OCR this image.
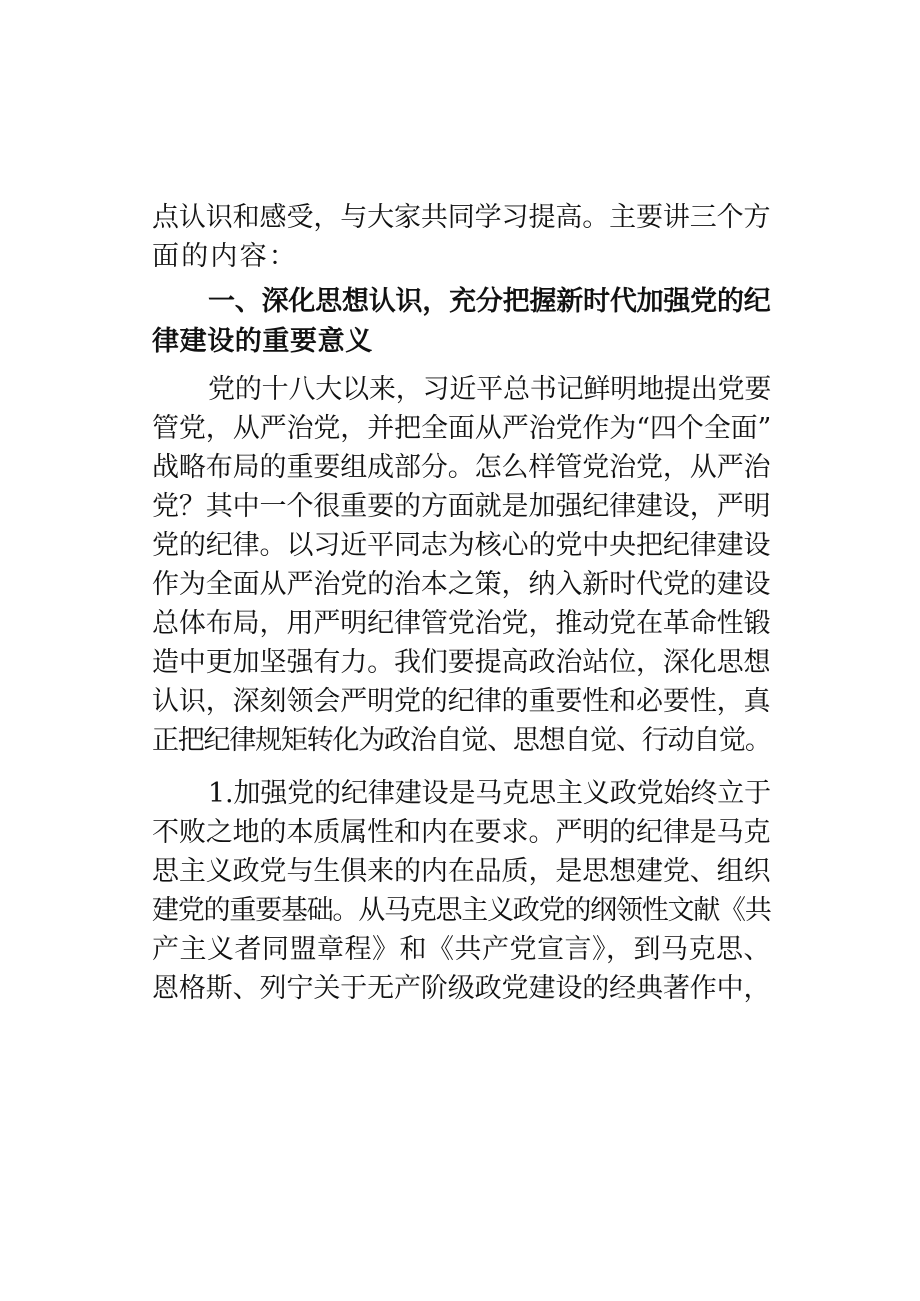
点认识和感受，与大家共同学习提高。主要讲三个方
面的内容：
一、深化思想认识，充分把握新时代加强党的纪
律建设的重要意义
党的十八大以来，习近平总书记鲜明地提出党要
管党，从严治党，并把全面从严治党作为“四个全面”
战略布局的重要组成部分。怎么样管党治党，从严治
党？其中一个很重要的方面就是加强纪律建设，严明
党的纪律。以习近平同志为核心的党中央把纪律建设
作为全面从严治党的治本之策，纳入新时代党的建设
总体布局，用严明纪律管党治党，推动党在革命性锻
造中更加坚强有力。我们要提高政治站位，深化思想
认识，深刻领会严明党的纪律的重要性和必要性，真
正把纪律规矩转化为政治自觉、思想自觉、行动自觉。
1.加强党的纪律建设是马克思主义政党始终立于
不败之地的本质属性和内在要求。严明的纪律是马克
思主义政党与生俱来的内在品质，是思想建党、组织
建党的重要基础。从马克思主义政党的纲领性文献《共
产主义者同盟章程》和《共产党宣言》，到马克思、
恩格斯、列宁关于无产阶级政党建设的经典著作中，
